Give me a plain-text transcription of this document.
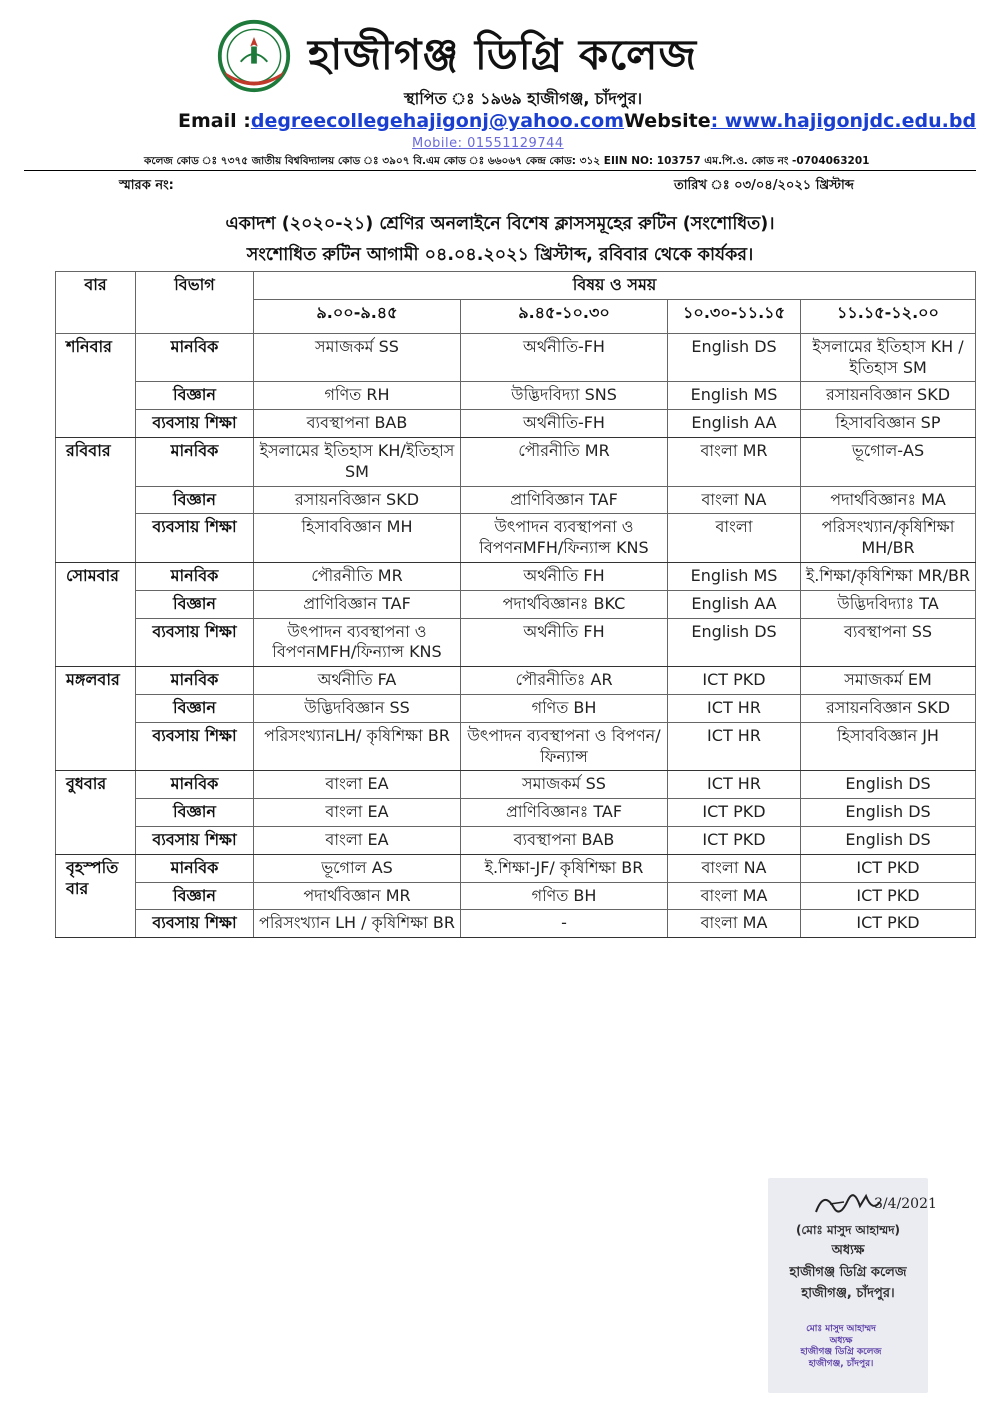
হাজীগঞ্জ ডিগ্রি কলেজ
স্থাপিত ঃ ১৯৬৯ হাজীগঞ্জ, চাঁদপুর।
Email :degreecollegehajigonj@yahoo.comWebsite: www.hajigonjdc.edu.bd
Mobile: 01551129744
কলেজ কোড ঃ ৭৩৭৫ জাতীয় বিশ্ববিদ্যালয় কোড ঃ ৩৯০৭ বি.এম কোড ঃ ৬৬০৬৭ কেন্দ্র কোড: ৩১২ EIIN NO: 103757 এম.পি.ও. কোড নং -0704063201
স্মারক নং:	তারিখ ঃ ০৩/০৪/২০২১ খ্রিস্টাব্দ
একাদশ (২০২০-২১) শ্রেণির অনলাইনে বিশেষ ক্লাসসমূহের রুটিন (সংশোধিত)।
সংশোধিত রুটিন আগামী ০৪.০৪.২০২১ খ্রিস্টাব্দ, রবিবার থেকে কার্যকর।
বার	বিভাগ	বিষয় ও সময়			
		৯.০০-৯.৪৫	৯.৪৫-১০.৩০	১০.৩০-১১.১৫	১১.১৫-১২.০০
শনিবার	মানবিক	সমাজকর্ম SS	অর্থনীতি-FH	English DS	ইসলামের ইতিহাস KH /ইতিহাস SM
	বিজ্ঞান	গণিত RH	উদ্ভিদবিদ্যা SNS	English MS	রসায়নবিজ্ঞান SKD
	ব্যবসায় শিক্ষা	ব্যবস্থাপনা BAB	অর্থনীতি-FH	English AA	হিসাববিজ্ঞান SP
রবিবার	মানবিক	ইসলামের ইতিহাস KH/ইতিহাস SM	পৌরনীতি MR	বাংলা MR	ভূগোল-AS
	বিজ্ঞান	রসায়নবিজ্ঞান SKD	প্রাণিবিজ্ঞান TAF	বাংলা NA	পদার্থবিজ্ঞানঃ MA
	ব্যবসায় শিক্ষা	হিসাববিজ্ঞান MH	উৎপাদন ব্যবস্থাপনা ও বিপণনMFH/ফিন্যান্স KNS	বাংলা	পরিসংখ্যান/কৃষিশিক্ষা MH/BR
সোমবার	মানবিক	পৌরনীতি MR	অর্থনীতি FH	English MS	ই.শিক্ষা/কৃষিশিক্ষা MR/BR
	বিজ্ঞান	প্রাণিবিজ্ঞান TAF	পদার্থবিজ্ঞানঃ BKC	English AA	উদ্ভিদবিদ্যাঃ TA
	ব্যবসায় শিক্ষা	উৎপাদন ব্যবস্থাপনা ও বিপণনMFH/ফিন্যান্স KNS	অর্থনীতি FH	English DS	ব্যবস্থাপনা SS
মঙ্গলবার	মানবিক	অর্থনীতি FA	পৌরনীতিঃ AR	ICT PKD	সমাজকর্ম EM
	বিজ্ঞান	উদ্ভিদবিজ্ঞান SS	গণিত BH	ICT HR	রসায়নবিজ্ঞান SKD
	ব্যবসায় শিক্ষা	পরিসংখ্যানLH/ কৃষিশিক্ষা BR	উৎপাদন ব্যবস্থাপনা ও বিপণন/ফিন্যান্স	ICT HR	হিসাববিজ্ঞান JH
বুধবার	মানবিক	বাংলা EA	সমাজকর্ম SS	ICT HR	English DS
	বিজ্ঞান	বাংলা EA	প্রাণিবিজ্ঞানঃ TAF	ICT PKD	English DS
	ব্যবসায় শিক্ষা	বাংলা EA	ব্যবস্থাপনা BAB	ICT PKD	English DS
বৃহস্পতি বার	মানবিক	ভূগোল AS	ই.শিক্ষা-JF/ কৃষিশিক্ষা BR	বাংলা NA	ICT PKD
	বিজ্ঞান	পদার্থবিজ্ঞান MR	গণিত BH	বাংলা MA	ICT PKD
	ব্যবসায় শিক্ষা	পরিসংখ্যান LH / কৃষিশিক্ষা BR	-	বাংলা MA	ICT PKD
3/4/2021
(মোঃ মাসুদ আহাম্মদ)
অধ্যক্ষ
হাজীগঞ্জ ডিগ্রি কলেজ
হাজীগঞ্জ, চাঁদপুর।
মোঃ মাসুদ আহাম্মদ
অধ্যক্ষ
হাজীগঞ্জ ডিগ্রি কলেজ
হাজীগঞ্জ, চাঁদপুর।
